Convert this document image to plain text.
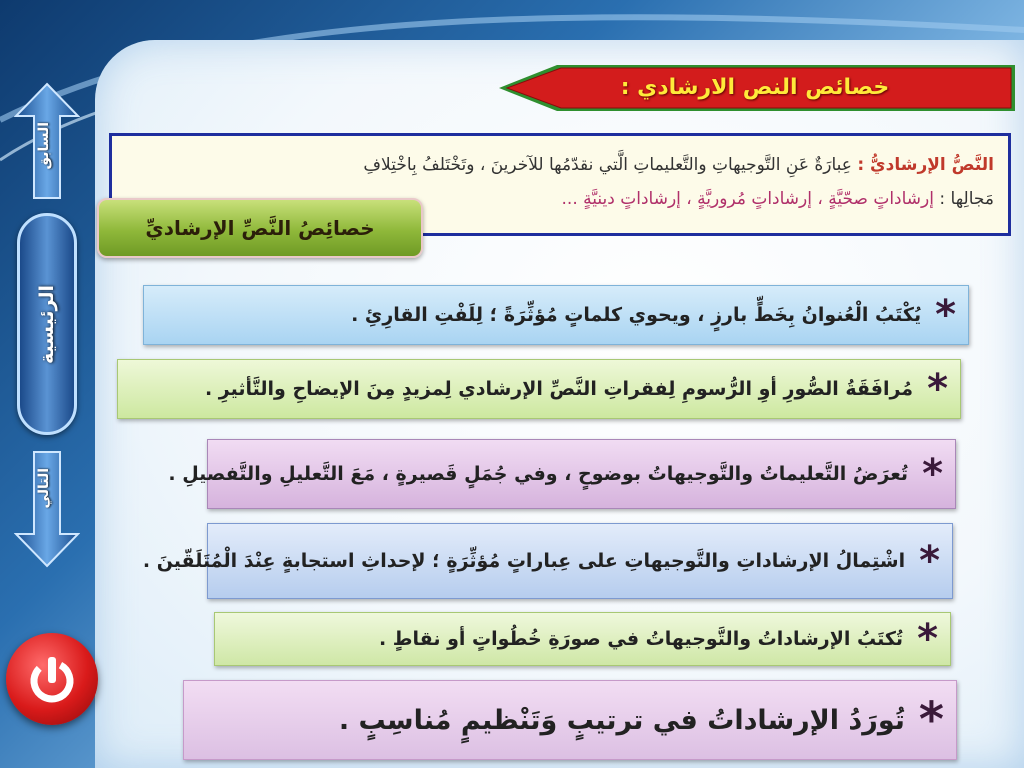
السابق
الرئيسية
التالي
خصائص النص الارشادي :
النَّصُّ الإرشاديُّ : عِبارَةٌ عَنِ التَّوجيهاتِ والتَّعليماتِ الَّتي نقدّمُها للآخرينَ ، وتَخْتَلفُ بِاخْتِلافِ
مَجالِها : إرشاداتٍ صحّيَّةٍ ، إرشاداتٍ مُروريَّةٍ ، إرشاداتٍ دينيَّةٍ ...
خصائِصُ النَّصِّ الإرشاديِّ
*
يُكْتَبُ الْعُنوانُ بِخَطٍّ بارزٍ ، ويحوي كلماتٍ مُؤثِّرَةً ؛ لِلَفْتِ القارِئِ .
*
مُرافَقَةُ الصُّورِ أوِ الرُّسومِ لِفقراتِ النَّصِّ الإرشادي لِمزيدٍ مِنَ الإيضاحِ والتَّأثيرِ .
*
تُعرَضُ التَّعليماتُ والتَّوجيهاتُ بوضوحٍ ، وفي جُمَلٍ قَصيرةٍ ، مَعَ التَّعليلِ والتَّفصيلِ .
*
اشْتِمالُ الإرشاداتِ والتَّوجيهاتِ على عِباراتٍ مُؤثِّرَةٍ ؛ لإحداثِ استجابةٍ عِنْدَ الْمُتَلَقّينَ .
*
تُكتَبُ الإرشاداتُ والتَّوجيهاتُ في صورَةِ خُطُواتٍ أو نقاطٍ .
*
تُورَدُ الإرشاداتُ في ترتيبٍ وَتَنْظيمٍ مُناسِبٍ .
